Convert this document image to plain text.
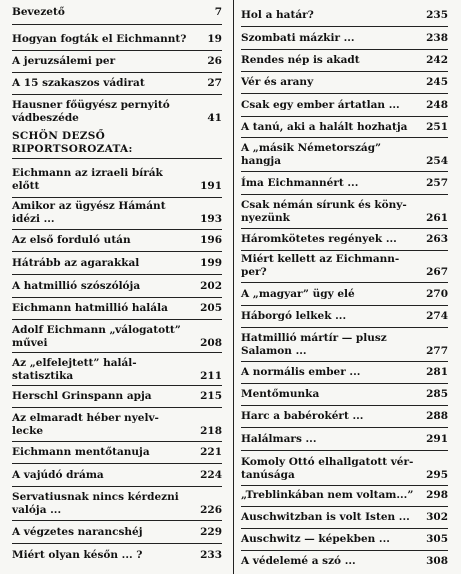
Bevezető	7
Hogyan fogták el Eichmannt?	19
A jeruzsálemi per	26
A 15 szakaszos vádirat	27
Hausner főügyész pernyitó
vádbeszéde	41
SCHÖN DEZSŐ
RIPORTSOROZATA:
Eichmann az izraeli bírák
előtt	191
Amikor az ügyész Hámánt
idézi ...	193
Az első forduló után	196
Hátrább az agarakkal	199
A hatmillió szószólója	202
Eichmann hatmillió halála	205
Adolf Eichmann „válogatott”
művei	208
Az „elfelejtett” halál-
statisztika	211
Herschl Grinspann apja	215
Az elmaradt héber nyelv-
lecke	218
Eichmann mentőtanuja	221
A vajúdó dráma	224
Servatiusnak nincs kérdezni
valója ...	226
A végzetes narancshéj	229
Miért olyan későn ... ?	233
Hol a határ?	235
Szombati mázkir ...	238
Rendes nép is akadt	242
Vér és arany	245
Csak egy ember ártatlan ...	248
A tanú, aki a halált hozhatja	251
A „másik Németország”
hangja	254
Íma Eichmannért ...	257
Csak némán sírunk és köny-
nyezünk	261
Háromkötetes regények ...	263
Miért kellett az Eichmann-
per?	267
A „magyar” ügy elé	270
Háborgó lelkek ...	274
Hatmillió mártír — plusz
Salamon ...	277
A normális ember ...	281
Mentőmunka	285
Harc a babérokért ...	288
Halálmars ...	291
Komoly Ottó elhallgatott vér-
tanúsága	295
„Treblinkában nem voltam...”	298
Auschwitzban is volt Isten ...	302
Auschwitz — képekben ...	305
A védelemé a szó ...	308
